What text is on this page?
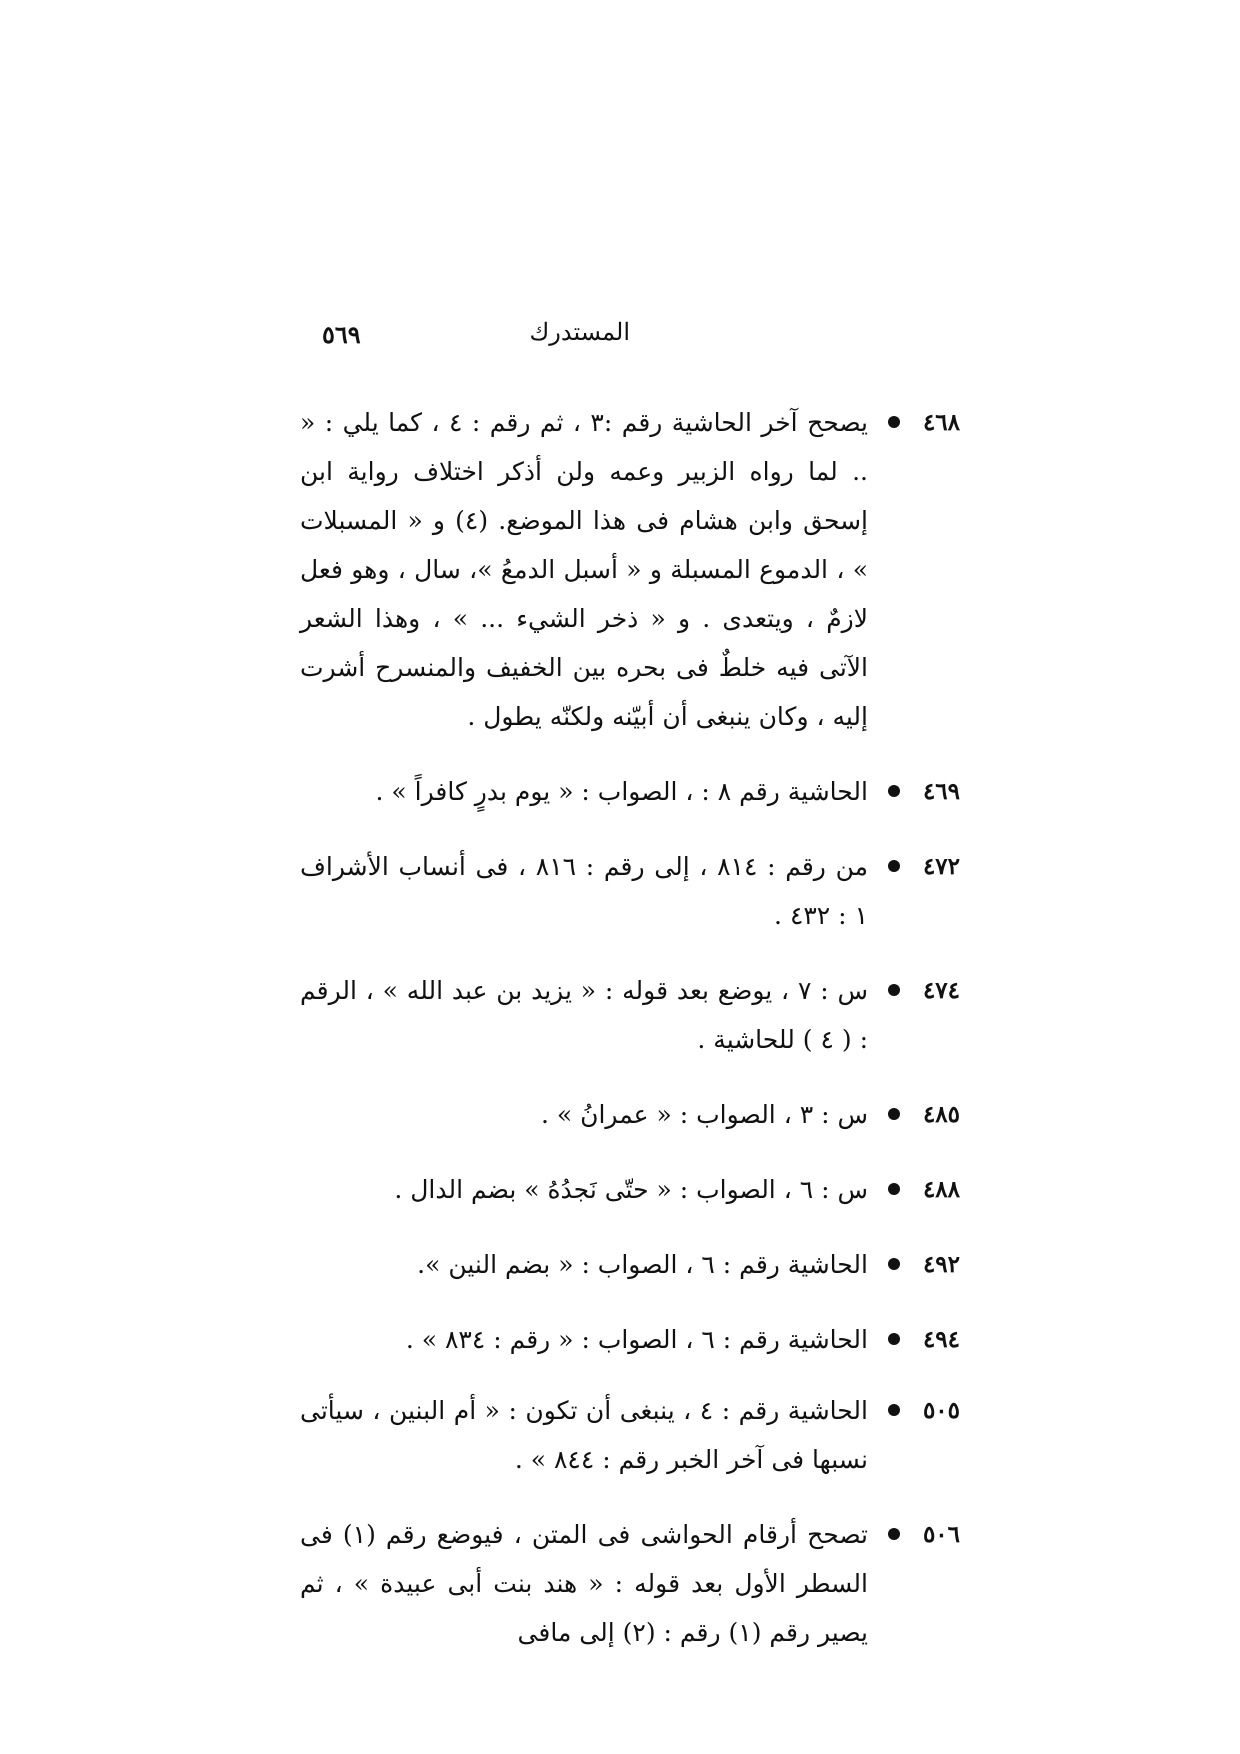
المستدرك
٥٦٩
٤٦٨
يصحح آخر الحاشية رقم :٣ ، ثم رقم : ٤ ، كما يلي : « .. لما رواه الزبير وعمه ولن أذكر اختلاف رواية ابن إسحق وابن هشام فى هذا الموضع. (٤) و « المسبلات » ، الدموع المسبلة و « أسبل الدمعُ »، سال ، وهو فعل لازمٌ ، ويتعدى . و « ذخر الشيء ... » ، وهذا الشعر الآتى فيه خلطٌ فى بحره بين الخفيف والمنسرح أشرت إليه ، وكان ينبغى أن أبيّنه ولكنّه يطول .
٤٦٩
الحاشية رقم ٨ : ، الصواب : « يوم بدرٍ كافراً » .
٤٧٢
من رقم : ٨١٤ ، إلى رقم : ٨١٦ ، فى أنساب الأشراف ١ : ٤٣٢ .
٤٧٤
س : ٧ ، يوضع بعد قوله : « يزيد بن عبد الله » ، الرقم : ( ٤ ) للحاشية .
٤٨٥
س : ٣ ، الصواب : « عمرانُ » .
٤٨٨
س : ٦ ، الصواب : « حتّى نَجدُهُ » بضم الدال .
٤٩٢
الحاشية رقم : ٦ ، الصواب : « بضم النين ».
٤٩٤
الحاشية رقم : ٦ ، الصواب : « رقم : ٨٣٤ » .
٥٠٥
الحاشية رقم : ٤ ، ينبغى أن تكون : « أم البنين ، سيأتى نسبها فى آخر الخبر رقم : ٨٤٤ » .
٥٠٦
تصحح أرقام الحواشى فى المتن ، فيوضع رقم (١) فى السطر الأول بعد قوله : « هند بنت أبى عبيدة » ، ثم يصير رقم (١) رقم : (٢) إلى مافى
